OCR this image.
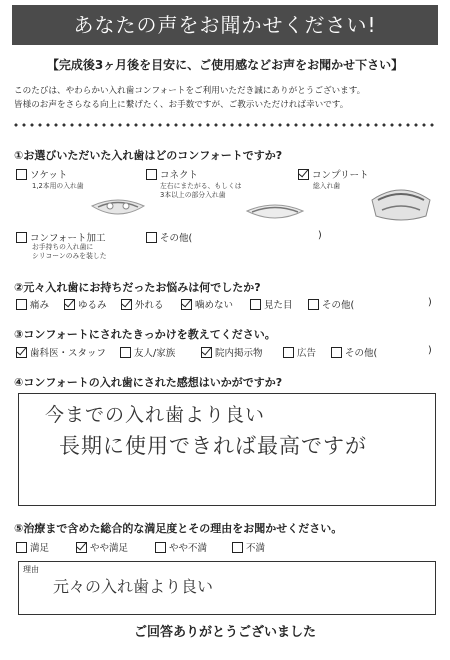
あなたの声をお聞かせください!
【完成後3ヶ月後を目安に、ご使用感などお声をお聞かせ下さい】
このたびは、やわらかい入れ歯コンフォートをご利用いただき誠にありがとうございます。
皆様のお声をさらなる向上に繋げたく、お手数ですが、ご教示いただければ幸いです。
①お選びいただいた入れ歯はどのコンフォートですか?
ソケット
1,2本用の入れ歯
コネクト
左右にまたがる、もしくは
3本以上の部分入れ歯
コンプリート
総入れ歯
コンフォート加工
お手持ちの入れ歯に
シリコーンのみを装した
その他(	)
②元々入れ歯にお持ちだったお悩みは何でしたか?
痛み	ゆるみ	外れる	噛めない	見た目	その他(	)
③コンフォートにされたきっかけを教えてください。
歯科医・スタッフ	友人/家族	院内掲示物	広告	その他(	)
④コンフォートの入れ歯にされた感想はいかがですか?
今までの入れ歯より良い
長期に使用できれば最高ですが
⑤治療まで含めた総合的な満足度とその理由をお聞かせください。
満足	やや満足	やや不満	不満
理由
元々の入れ歯より良い
ご回答ありがとうございました
